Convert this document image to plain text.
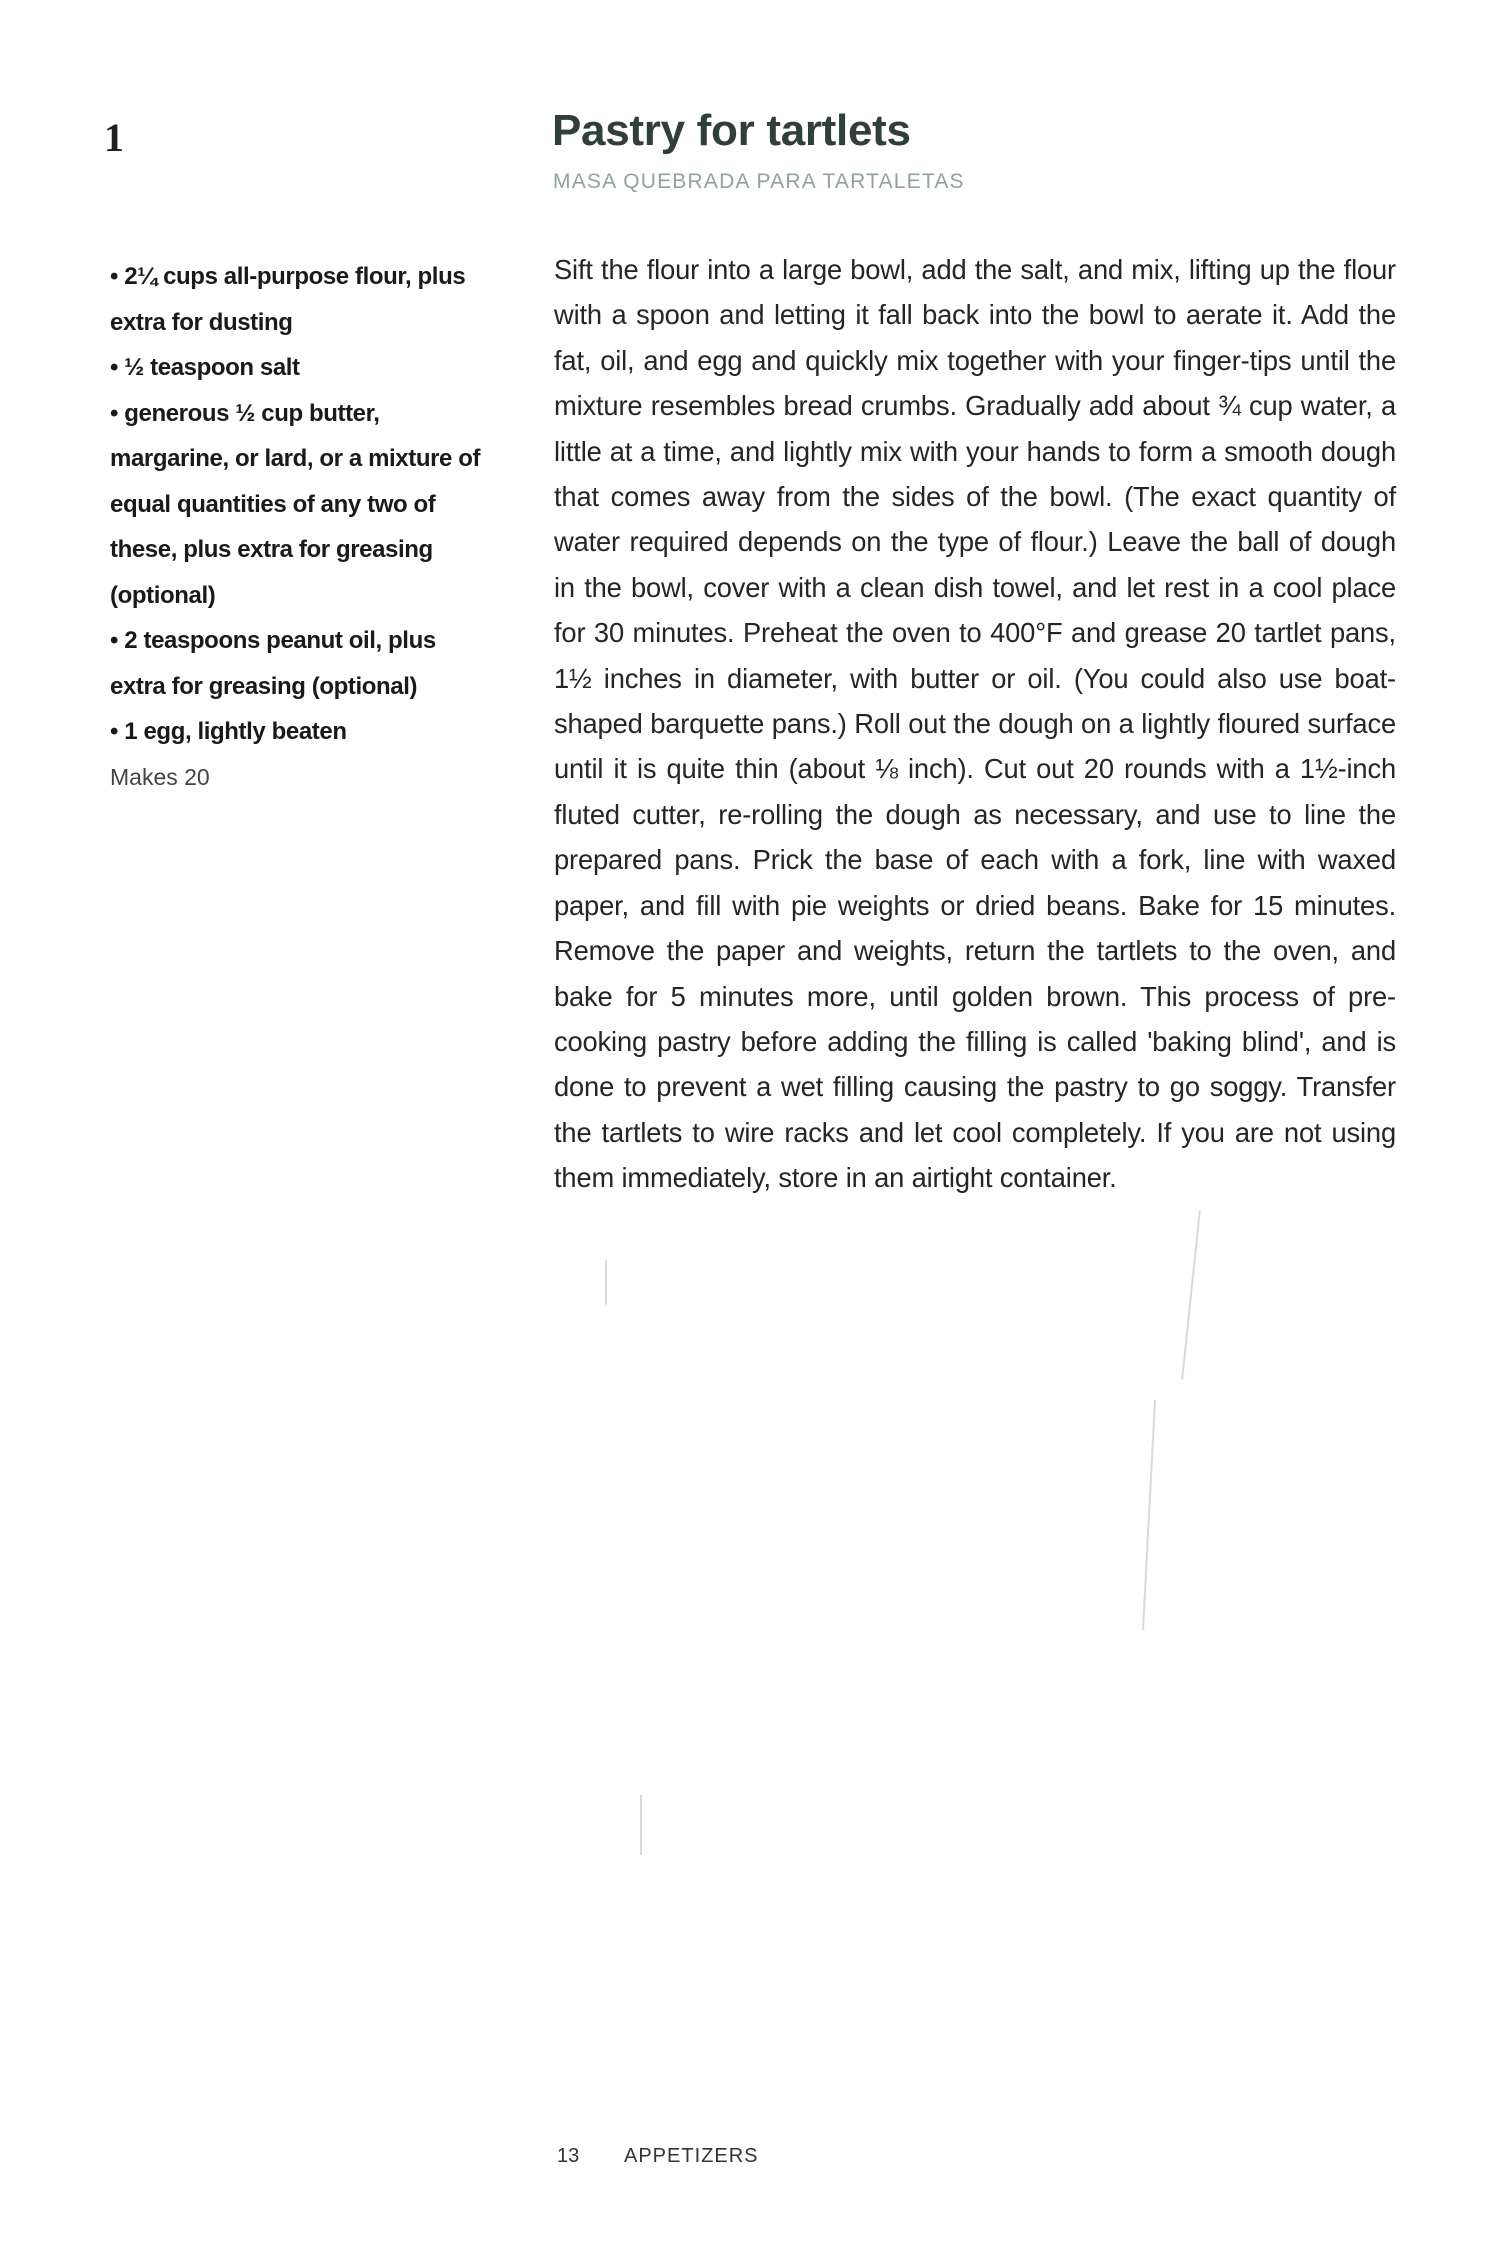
1	Pastry for tartlets
MASA QUEBRADA PARA TARTALETAS
• 2¼ cups all-purpose flour, plus extra for dusting
• ½ teaspoon salt
• generous ½ cup butter, margarine, or lard, or a mixture of equal quantities of any two of these, plus extra for greasing (optional)
• 2 teaspoons peanut oil, plus extra for greasing (optional)
• 1 egg, lightly beaten
Makes 20

Sift the flour into a large bowl, add the salt, and mix, lifting up the flour with a spoon and letting it fall back into the bowl to aerate it. Add the fat, oil, and egg and quickly mix together with your finger-tips until the mixture resembles bread crumbs. Gradually add about ¾ cup water, a little at a time, and lightly mix with your hands to form a smooth dough that comes away from the sides of the bowl. (The exact quantity of water required depends on the type of flour.) Leave the ball of dough in the bowl, cover with a clean dish towel, and let rest in a cool place for 30 minutes. Preheat the oven to 400°F and grease 20 tartlet pans, 1½ inches in diameter, with butter or oil. (You could also use boat-shaped barquette pans.) Roll out the dough on a lightly floured surface until it is quite thin (about ⅛ inch). Cut out 20 rounds with a 1½-inch fluted cutter, re-rolling the dough as necessary, and use to line the prepared pans. Prick the base of each with a fork, line with waxed paper, and fill with pie weights or dried beans. Bake for 15 minutes. Remove the paper and weights, return the tartlets to the oven, and bake for 5 minutes more, until golden brown. This process of pre-cooking pastry before adding the filling is called 'baking blind', and is done to prevent a wet filling causing the pastry to go soggy. Transfer the tartlets to wire racks and let cool completely. If you are not using them immediately, store in an airtight container.

13 APPETIZERS
